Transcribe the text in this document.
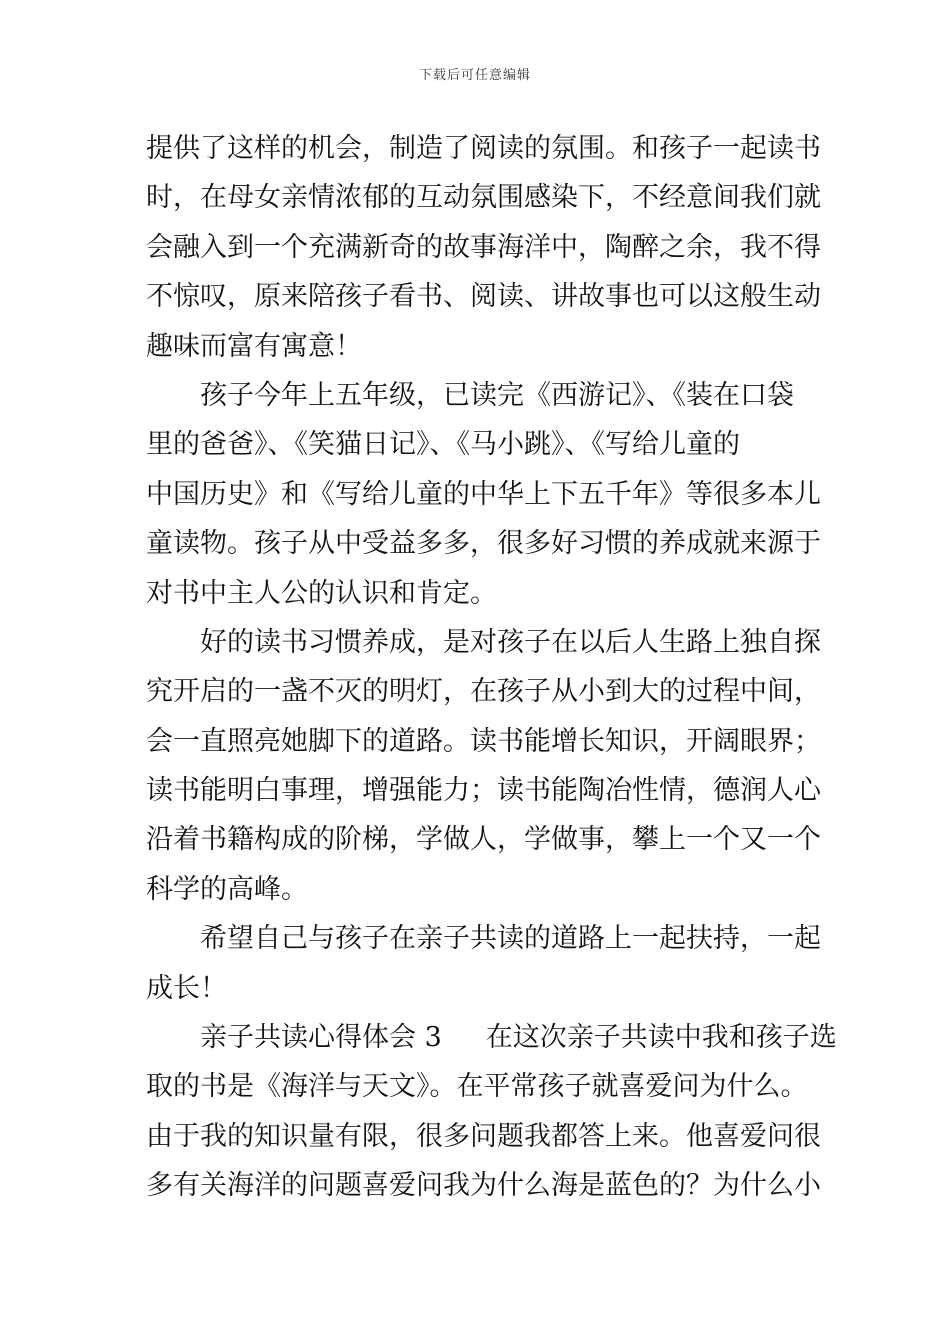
下载后可任意编辑
提供了这样的机会，制造了阅读的氛围。和孩子一起读书
时，在母女亲情浓郁的互动氛围感染下，不经意间我们就
会融入到一个充满新奇的故事海洋中，陶醉之余，我不得
不惊叹，原来陪孩子看书、阅读、讲故事也可以这般生动
趣味而富有寓意！
孩子今年上五年级，已读完《西游记》、《装在口袋
里的爸爸》、《笑猫日记》、《马小跳》、《写给儿童的
中国历史》和《写给儿童的中华上下五千年》等很多本儿
童读物。孩子从中受益多多，很多好习惯的养成就来源于
对书中主人公的认识和肯定。
好的读书习惯养成，是对孩子在以后人生路上独自探
究开启的一盏不灭的明灯，在孩子从小到大的过程中间，
会一直照亮她脚下的道路。读书能增长知识，开阔眼界；
读书能明白事理，增强能力；读书能陶冶性情，德润人心
沿着书籍构成的阶梯，学做人，学做事，攀上一个又一个
科学的高峰。
希望自己与孩子在亲子共读的道路上一起扶持，一起
成长！
亲子共读心得体会 3 在这次亲子共读中我和孩子选
取的书是《海洋与天文》。在平常孩子就喜爱问为什么。
由于我的知识量有限，很多问题我都答上来。他喜爱问很
多有关海洋的问题喜爱问我为什么海是蓝色的？为什么小
